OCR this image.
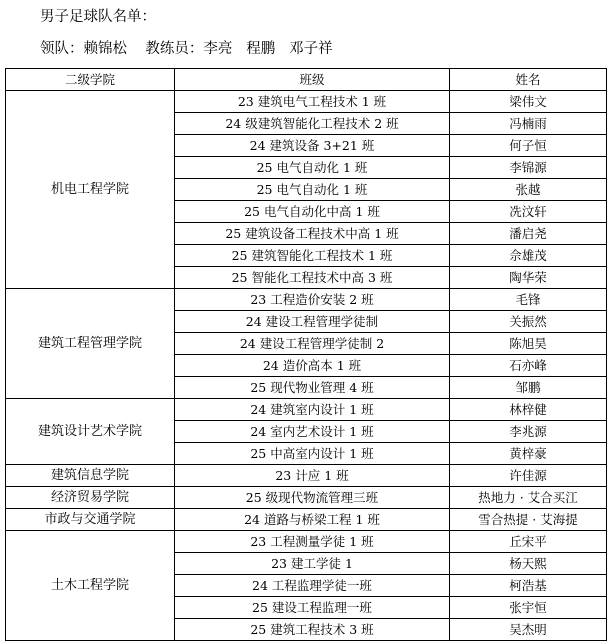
男子足球队名单：
领队：赖锦松    教练员：李亮   程鹏   邓子祥
二级学院	班级	姓名
机电工程学院	23 建筑电气工程技术 1 班	梁伟文
	24 级建筑智能化工程技术 2 班	冯楠雨
	24 建筑设备 3+21 班	何子恒
	25 电气自动化 1 班	李锦源
	25 电气自动化 1 班	张越
	25 电气自动化中高 1 班	冼汶轩
	25 建筑设备工程技术中高 1 班	潘启尧
	25 建筑智能化工程技术 1 班	佘雄茂
	25 智能化工程技术中高 3 班	陶华荣
建筑工程管理学院	23 工程造价安装 2 班	毛锋
	24 建设工程管理学徒制	关振然
	24 建设工程管理学徒制 2	陈旭昊
	24 造价高本 1 班	石亦峰
	25 现代物业管理 4 班	邹鹏
建筑设计艺术学院	24 建筑室内设计 1 班	林梓健
	24 室内艺术设计 1 班	李兆源
	25 中高室内设计 1 班	黄梓豪
建筑信息学院	23 计应 1 班	许佳源
经济贸易学院	25 级现代物流管理三班	热地力 · 艾合买江
市政与交通学院	24 道路与桥梁工程 1 班	雪合热提 · 艾海提
土木工程学院	23 工程测量学徒 1 班	丘宋平
	23 建工学徒 1	杨天熙
	24 工程监理学徒一班	柯浩基
	25 建设工程监理一班	张宇恒
	25 建筑工程技术 3 班	吴杰明
